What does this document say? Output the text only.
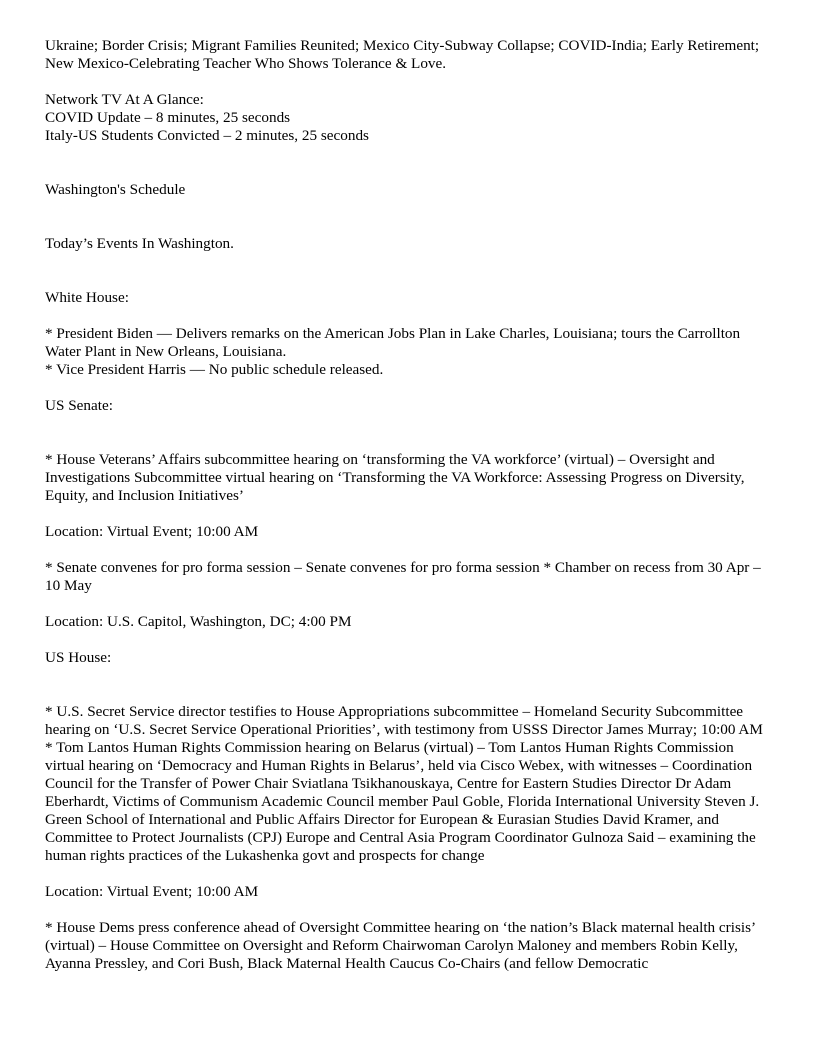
Ukraine; Border Crisis; Migrant Families Reunited; Mexico City-Subway Collapse; COVID-India; Early Retirement; New Mexico-Celebrating Teacher Who Shows Tolerance & Love.

Network TV At A Glance:

COVID Update – 8 minutes, 25 seconds

Italy-US Students Convicted – 2 minutes, 25 seconds

Washington's Schedule

Today’s Events In Washington.

White House:

* President Biden — Delivers remarks on the American Jobs Plan in Lake Charles, Louisiana; tours the Carrollton Water Plant in New Orleans, Louisiana.

* Vice President Harris — No public schedule released.

US Senate:

* House Veterans’ Affairs subcommittee hearing on ‘transforming the VA workforce’ (virtual) – Oversight and Investigations Subcommittee virtual hearing on ‘Transforming the VA Workforce: Assessing Progress on Diversity, Equity, and Inclusion Initiatives’

Location: Virtual Event; 10:00 AM

* Senate convenes for pro forma session – Senate convenes for pro forma session * Chamber on recess from 30 Apr – 10 May

Location: U.S. Capitol, Washington, DC; 4:00 PM

US House:

* U.S. Secret Service director testifies to House Appropriations subcommittee – Homeland Security Subcommittee hearing on ‘U.S. Secret Service Operational Priorities’, with testimony from USSS Director James Murray; 10:00 AM

* Tom Lantos Human Rights Commission hearing on Belarus (virtual) – Tom Lantos Human Rights Commission virtual hearing on ‘Democracy and Human Rights in Belarus’, held via Cisco Webex, with witnesses – Coordination Council for the Transfer of Power Chair Sviatlana Tsikhanouskaya, Centre for Eastern Studies Director Dr Adam Eberhardt, Victims of Communism Academic Council member Paul Goble, Florida International University Steven J. Green School of International and Public Affairs Director for European & Eurasian Studies David Kramer, and Committee to Protect Journalists (CPJ) Europe and Central Asia Program Coordinator Gulnoza Said – examining the human rights practices of the Lukashenka govt and prospects for change

Location: Virtual Event; 10:00 AM

* House Dems press conference ahead of Oversight Committee hearing on ‘the nation’s Black maternal health crisis’ (virtual) – House Committee on Oversight and Reform Chairwoman Carolyn Maloney and members Robin Kelly, Ayanna Pressley, and Cori Bush, Black Maternal Health Caucus Co-Chairs (and fellow Democratic
